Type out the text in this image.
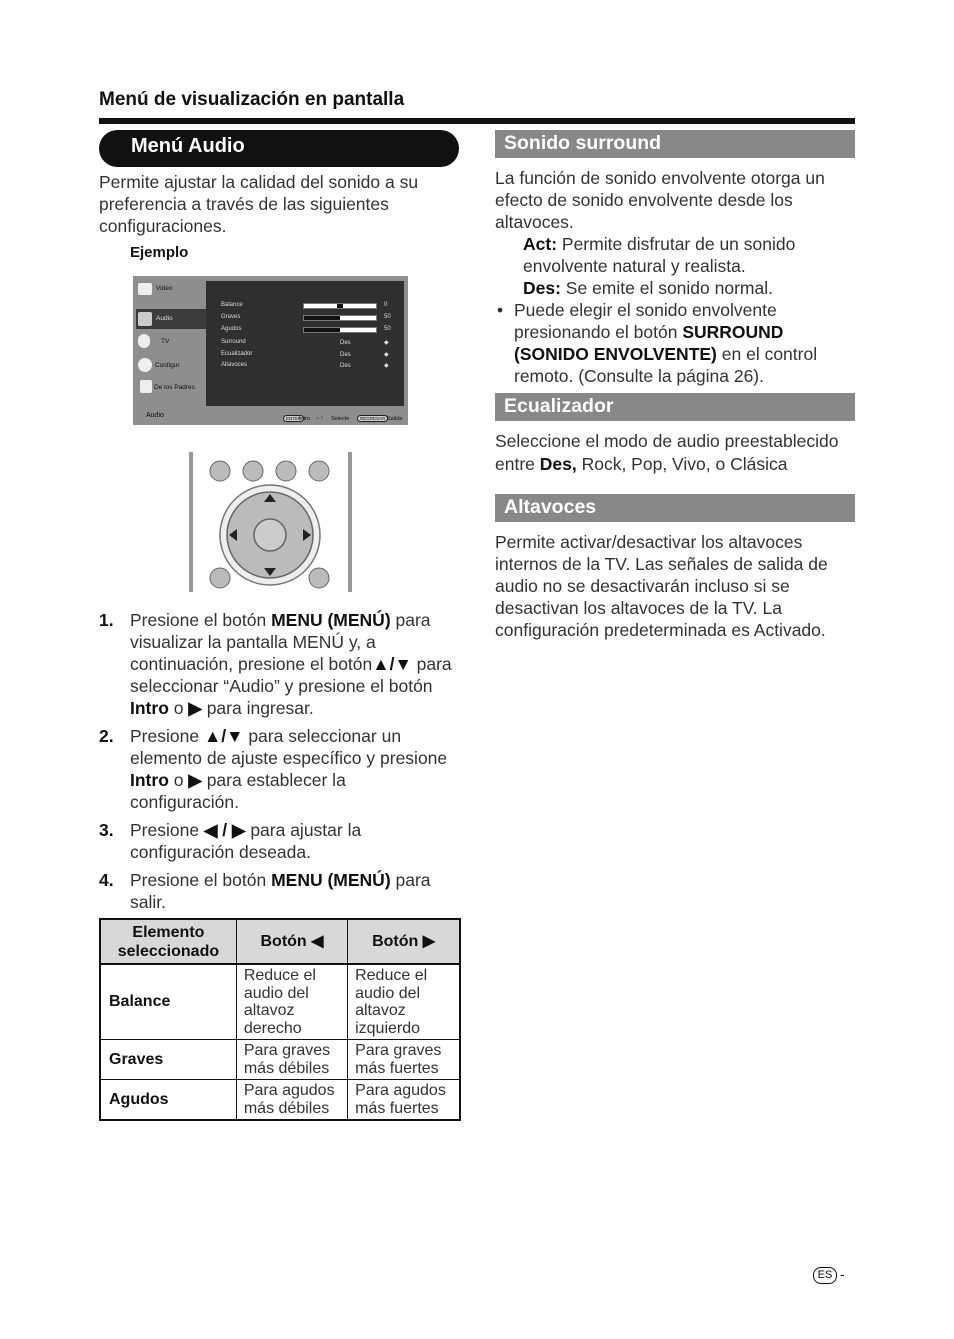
Menú de visualización en pantalla
Menú Audio
Permite ajustar la calidad del sonido a su preferencia a través de las siguientes configuraciones.
Ejemplo
Video
Audio
TV
Configur
De los Padres
Balance	0
Graves	50
Agudos	50
Surround	Des	◆
Ecualizador	Des	◆
Altavoces	Des	◆
Audio	ENTER
Intro ↔↕ Selecte	REGRESAR Salida
1. Presione el botón MENU (MENÚ) para visualizar la pantalla MENÚ y, a continuación, presione el botón▲/▼ para seleccionar “Audio” y presione el botón Intro o ▶ para ingresar.
2. Presione ▲/▼ para seleccionar un elemento de ajuste específico y presione Intro o ▶ para establecer la configuración.
3. Presione ◀ / ▶ para ajustar la configuración deseada.
4. Presione el botón MENU (MENÚ) para salir.
Elemento seleccionado	Botón ◀	Botón ▶
Balance	Reduce el audio del altavoz derecho	Reduce el audio del altavoz izquierdo
Graves	Para graves más débiles	Para graves más fuertes
Agudos	Para agudos más débiles	Para agudos más fuertes
Sonido surround
La función de sonido envolvente otorga un efecto de sonido envolvente desde los altavoces.
Act: Permite disfrutar de un sonido envolvente natural y realista.
Des: Se emite el sonido normal.
• Puede elegir el sonido envolvente presionando el botón SURROUND (SONIDO ENVOLVENTE) en el control remoto. (Consulte la página 26).
Ecualizador
Seleccione el modo de audio preestablecido entre Des, Rock, Pop, Vivo, o Clásica
Altavoces
Permite activar/desactivar los altavoces internos de la TV. Las señales de salida de audio no se desactivarán incluso si se desactivan los altavoces de la TV. La configuración predeterminada es Activado.
ES -
